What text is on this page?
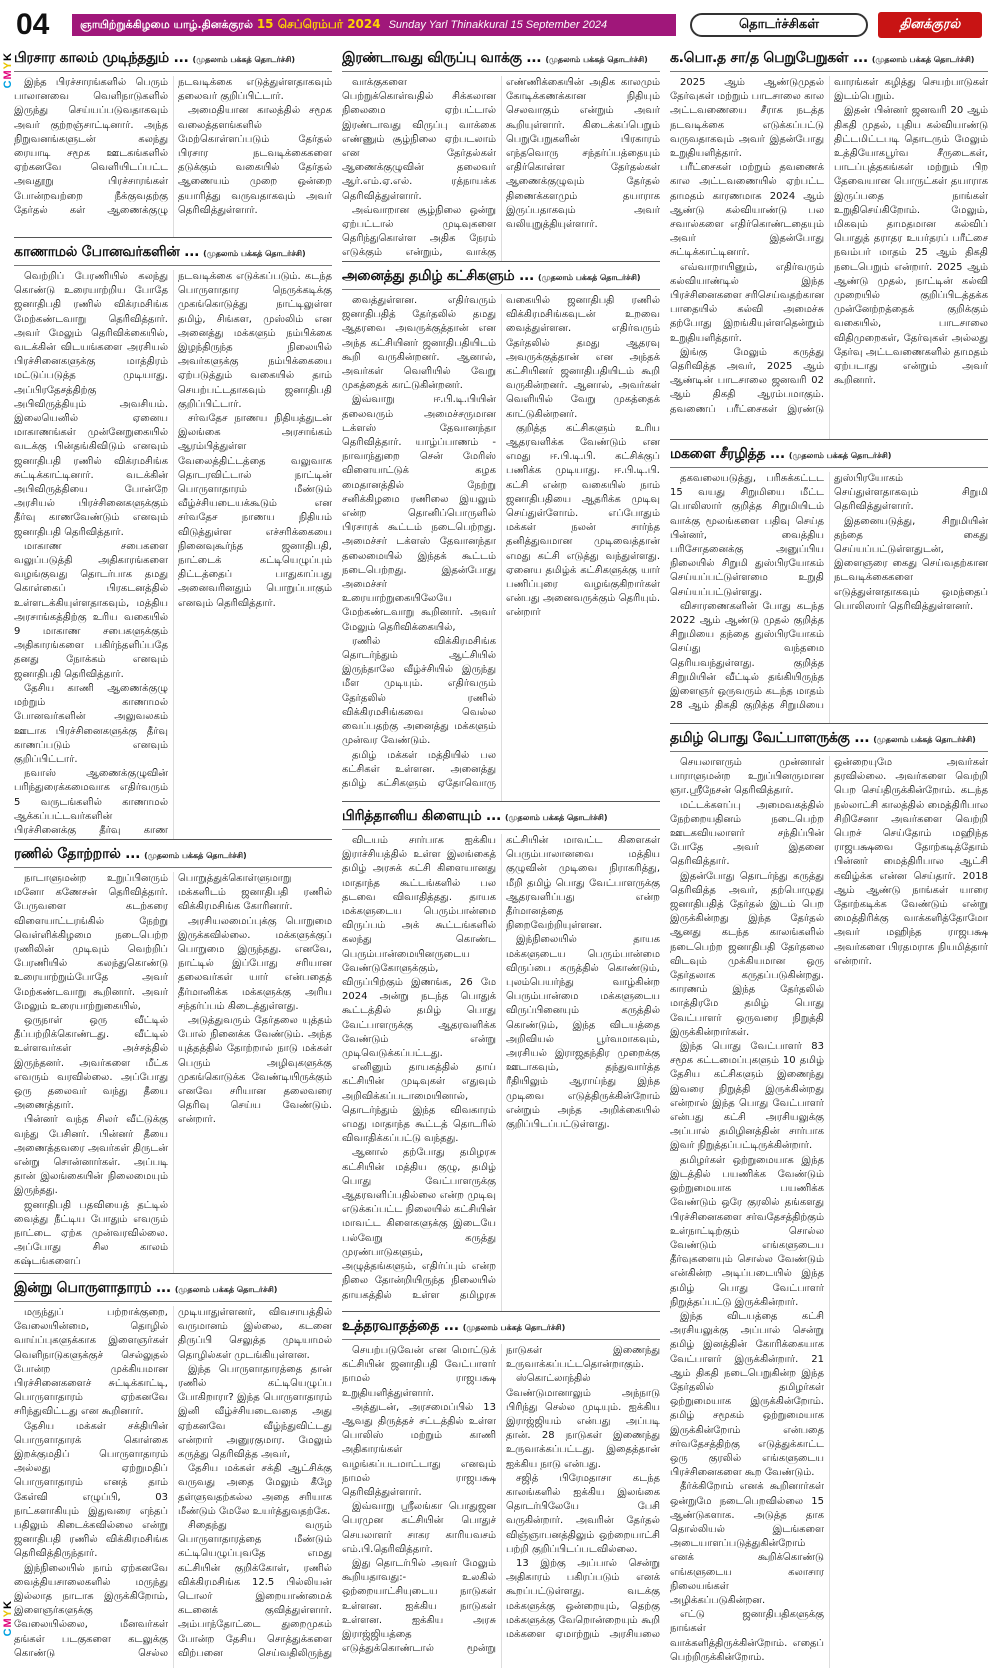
CMYK
CMYK
04	ஞாயிற்றுக்கிழமை யாழ்.தினக்குரல் 15 செப்ரெம்பர் 2024 Sunday Yarl Thinakkural 15 September 2024	தொடர்ச்சிகள்	தினக்குரல்
பிரசார காலம் முடிந்ததும் ... (முதலாம் பக்கத் தொடர்ச்சி)

இந்த பிரச்சாரங்களில் பெரும் பாலானவை வெளிநாடுகளில் இருந்து செய்யப்படுவதாகவும் அவர் குற்றஞ்சாட்டினார். அந்த நிறுவனங்களுடன் கலந்து ரையாடி சமூக ஊடகங்களில் ஏற்கனவே வெளியிடப்பட்ட அவதூறு பிரச்சாரங்கள் போன்றவற்றை நீக்குவதற்கு தேர்தல் கள் ஆணைக்குழு நடவடிக்கை எடுத்துள்ளதாகவும் தலைவர் குறிப்பிட்டார்.

அமைதியான காலத்தில் சமூக வலைத்தளங்களில் மேற்கொள்ளப்படும் தேர்தல் பிரசார நடவடிக்கைகளை தடுக்கும் வகையில் தேர்தல் ஆணையம் முறை ஒன்றை தயாரித்து வருவதாகவும் அவர் தெரிவித்துள்ளார்.

காணாமல் போனவர்களின் ... (முதலாம் பக்கத் தொடர்ச்சி)

வெற்றிப் பேரணியில் கலந்து கொண்டு உரையாற்றிய போதே ஜனாதிபதி ரணில் விக்ரமசிங்க மேற்கண்டவாறு தெரிவித்தார். அவர் மேலும் தெரிவிக்கையில், வடக்கின் விடயங்களை அரசியல் பிரச்சினைகளுக்கு மாத்திரம் மட்டுப்படுத்த முடியாது. அப்பிரதேசத்திற்கு அபிவிருத்தியும் அவசியம். இலையெனில் ஏனைய மாகாணங்கள் முன்னேறுகையில் வடக்கு பின்தங்கிவிடும் எனவும் ஜனாதிபதி ரணில் விக்ரமசிங்க சுட்டிக்காட்டினார். வடக்கின் அபிவிருத்தியை போன்றே அரசியல் பிரச்சினைகளுக்கும் தீர்வு காணவேண்டும் எனவும் ஜனாதிபதி தெரிவித்தார்.

மாகாண சபைகளை வலுப்படுத்தி அதிகாரங்களை வழங்குவது தொடர்பாக தமது கொள்கைப் பிரகடனத்தில் உள்ளடக்கியுள்ளதாகவும், மத்திய அரசாங்கத்திற்கு உரிய வகையில் 9 மாகாண சபைகளுக்கும் அதிகாரங்களை பகிர்ந்தளிப்பதே தனது நோக்கம் எனவும் ஜனாதிபதி தெரிவித்தார்.

தேசிய காணி ஆணைக்குழு மற்றும் காணாமல் போனவர்களின் அலுவலகம் ஊடாக பிரச்சினைகளுக்கு தீர்வு காணப்படும் எனவும் குறிப்பிட்டார்.

நவாஸ் ஆணைக்குழுவின் பரிந்துரைக்கமைவாக எதிர்வரும் 5 வருடங்களில் காணாமல் ஆக்கப்பட்டவர்களின் பிரச்சினைக்கு தீர்வு காண நடவடிக்கை எடுக்கப்படும். கடந்த பொருளாதார நெருக்கடிக்கு முகங்கொடுத்து நாட்டிலுள்ள தமிழ், சிங்கள, முஸ்லிம் என அனைத்து மக்களும் நம்பிக்கை இழந்திருந்த நிலையில் அவர்களுக்கு நம்பிக்கையை ஏற்படுத்தும் வகையில் தாம் செயற்பட்டதாகவும் ஜனாதிபதி குறிப்பிட்டார்.

சர்வதேச நாணய நிதியத்துடன் இலங்கை அரசாங்கம் ஆரம்பித்துள்ள வேலைத்திட்டத்தை வலுவாக தொடரவிட்டால் நாட்டின் பொருளாதாரம் மீண்டும் வீழ்ச்சியடையக்கூடும் என சர்வதேச நாணய நிதியம் விடுத்துள்ள எச்சரிக்கையை நினைவுகூர்ந்த ஜனாதிபதி, நாட்டைக் கட்டியெழுப்பும் திட்டத்தைப் பாதுகாப்பது அனைவரினதும் பொறுப்பாகும் எனவும் தெரிவித்தார்.

ரணில் தோற்றால் ... (முதலாம் பக்கத் தொடர்ச்சி)

நாடாளுமன்ற உறுப்பினரும் மனோ கணேசன் தெரிவித்தார். பேருவளை கடற்கரை விளையாட்டரங்கில் நேற்று வெள்ளிக்கிழமை நடைபெற்ற ரணிலின் முடிவும் வெற்றிப் பேரணியில் கலந்துகொண்டு உரையாற்றும்போதே அவர் மேற்கண்டவாறு கூறினார். அவர் மேலும் உரையாற்றுகையில்,

ஒருநாள் ஒரு வீட்டில் தீப்பற்றிக்கொண்டது. வீட்டில் உள்ளவர்கள் அச்சத்தில் இருந்தனர். அவர்களை மீட்க எவரும் வரவில்லை. அப்போது ஒரு தலைவர் வந்து தீயை அணைத்தார்.

பின்னர் வந்த சிலர் வீட்டுக்கு வந்து பேசினர். பின்னர் தீயை அணைத்தவரை அவர்கள் திருடன் என்று சொன்னார்கள். அப்படி தான் இலங்கையின் நிலைமையும் இருந்தது.

ஜனாதிபதி பதவியைத் தட்டில் வைத்து நீட்டிய போதும் எவரும் நாட்டை ஏற்க முன்வரவில்லை. அப்போது சில காலம் கஷ்டங்களைப் பொறுத்துக்கொள்ளுமாறு மக்களிடம் ஜனாதிபதி ரணில் விக்கிரமசிங்க கோரினார்.

அரசியலமைப்புக்கு பொறுமை இருக்கவில்லை. மக்களுக்குப் பொறுமை இருந்தது. எனவே, நாட்டில் இப்போது சரியான தலைவர்கள் யார் என்பதைத் தீர்மானிக்க மக்களுக்கு அரிய சந்தர்ப்பம் கிடைத்துள்ளது.

அடுத்துவரும் தேர்தலை யுத்தம் போல் நினைக்க வேண்டும். அந்த யுத்தத்தில் தோற்றால் நாடு மக்கள் பெரும் அழிவுகளுக்கு முகங்கொடுக்க வேண்டியிருக்கும் எனவே சரியான தலைவரை தெரிவு செய்ய வேண்டும். என்றார்.

இன்று பொருளாதாரம் ... (முதலாம் பக்கத் தொடர்ச்சி)

மருந்துப் பற்றாக்குறை, வேலையின்மை, தொழில் வாய்ப்புகளுக்காக இளைஞர்கள் வெளிநாடுகளுக்குச் செல்லுதல் போன்ற முக்கியமான பிரச்சினைகளைச் சுட்டிக்காட்டி, பொருளாதாரம் ஏற்கனவே சரிந்துவிட்டது என கூறினார்.

தேசிய மக்கள் சக்தியின் பொருளாதாரக் கொள்கை இறக்குமதிப் பொருளாதாரம் அல்லது ஏற்றுமதிப் பொருளாதாரம் எனத் தாம் கேள்வி எழுப்பி, 03 நாட்களாகியும் இதுவரை எந்தப் பதிலும் கிடைக்கவில்லை என்று ஜனாதிபதி ரணில் விக்கிரமசிங்க தெரிவித்திருந்தார்.

இந்நிலையில் நாம் ஏற்கனவே வைத்தியசாலைகளில் மருந்து இல்லாத நாடாக இருக்கிறோம், இளைஞர்களுக்கு வேலையில்லை, மீனவர்கள் தங்கள் படகுகளை கடலுக்கு கொண்டு செல்ல முடியாதுள்ளனர், விவசாயத்தில் வருமானம் இல்லை, கடனை திருப்பி செலுத்த முடியாமல் தொழில்கள் முடங்கியுள்ளன.

இந்த பொருளாதாரத்தை தான் ரணில் கட்டியெழுப்ப போகிறாரா? இந்த பொருளாதாரம் இனி வீழ்ச்சியடைவதை அது ஏற்கனவே வீழ்ந்துவிட்டது என்றார் அனுரகுமார. மேலும் கருத்து தெரிவித்த அவர்,

தேசிய மக்கள் சக்தி ஆட்சிக்கு வருவது அதை மேலும் கீழே தள்ளுவதற்கல்ல அதை சரியாக மீண்டும் மேலே உயர்த்துவதற்கே.

சிதைந்து வரும் பொருளாதாரத்தை மீண்டும் கட்டியெழுப்புவதே எமது கட்சியின் குறிக்கோள், ரணில் விக்கிரமசிங்க 12.5 பில்லியன் டொலர் இறையாண்மைக் கடனைக் குவித்துள்ளார். அம்பாந்தோட்டை துறைமுகம் போன்ற தேசிய சொத்துக்களை விற்பனை செய்வதிலிருந்து

இரண்டாவது விருப்பு வாக்கு ... (முதலாம் பக்கத் தொடர்ச்சி)

வாக்குகளை பெற்றுக்கொள்வதில் சிக்கலான நிலைமை ஏற்பட்டால் இரண்டாவது விருப்பு வாக்கை எண்ணும் சூழ்நிலை ஏற்படலாம் என தேர்தல்கள் ஆணைக்குழுவின் தலைவர் ஆர்.எம்.ஏ.எல். ரத்நாயக்க தெரிவித்துள்ளார்.

அவ்வாறான சூழ்நிலை ஒன்று ஏற்பட்டால் முடிவுகளை தெரிந்துகொள்ள அதிக நேரம் எடுக்கும் என்றும், வாக்கு எண்ணிக்கையின் அதிக காலமும் கோடிக்கணக்கான நிதியும் செலவாகும் என்றும் அவர் கூறியுள்ளார். கிடைக்கப்பெறும் பெறுபேறுகளின் பிரகாரம் எந்தவொரு சந்தர்ப்பத்தையும் எதிர்கொள்ள தேர்தல்கள் ஆணைக்குழுவும் தேர்தல் திணைக்களமும் தயாராக இருப்பதாகவும் அவர் வலியுறுத்தியுள்ளார்.

அனைத்து தமிழ் கட்சிகளும் ... (முதலாம் பக்கத் தொடர்ச்சி)

வைத்துள்ளன. எதிர்வரும் ஜனாதிபதித் தேர்தலில் தமது ஆதரவை அவருக்குத்தான் என அந்த கட்சியினர் ஜனாதிபதியிடம் கூறி வருகின்றனர். ஆனால், அவர்கள் வெளியில் வேறு முகத்தைக் காட்டுகின்றனர்.

இவ்வாறு ஈ.பி.டி.பியின் தலைவரும் அமைச்சருமான டக்ளஸ் தேவானந்தா தெரிவித்தார். யாழ்ப்பாணம் - நாவாந்துறை சென் மேரிஸ் விளையாட்டுக் கழக மைதானத்தில் நேற்று சனிக்கிழமை ரணிலை இயலும் என்ற தொனிப்பொருளில் பிரசாரக் கூட்டம் நடைபெற்றது. அமைச்சர் டக்ளஸ் தேவானந்தா தலைமையில் இந்தக் கூட்டம் நடைபெற்றது. இதன்போது அமைச்சர் உரையாற்றுகையிலேயே மேற்கண்டவாறு கூறினார். அவர் மேலும் தெரிவிக்கையில்,

ரணில் விக்கிரமசிங்க தொடர்ந்தும் ஆட்சியில் இருந்தாலே வீழ்ச்சியில் இருந்து மீள முடியும். எதிர்வரும் தேர்தலில் ரணில் விக்கிரமசிங்கவை வெல்ல வைப்பதற்கு அனைத்து மக்களும் முன்வர வேண்டும்.

தமிழ் மக்கள் மத்தியில் பல கட்சிகள் உள்ளன. அனைத்து தமிழ் கட்சிகளும் ஏதோவொரு வகையில் ஜனாதிபதி ரணில் விக்கிரமசிங்கவுடன் உறவை வைத்துள்ளன. எதிர்வரும் தேர்தலில் தமது ஆதரவு அவருக்குத்தான் என அந்தக் கட்சியினர் ஜனாதிபதியிடம் கூறி வருகின்றனர். ஆனால், அவர்கள் வெளியில் வேறு முகத்தைக் காட்டுகின்றனர்.

குறித்த கட்சிகளும் உரிய ஆதரவளிக்க வேண்டும் என எமது ஈ.பி.டி.பி. கட்சிக்குப் பணிக்க முடியாது. ஈ.பி.டி.பி. கட்சி என்ற வகையில் நாம் ஜனாதிபதியை ஆதரிக்க முடிவு செய்துள்ளோம். எப்போதும் மக்கள் நலன் சார்ந்த தனித்துவமான முடிவைத்தான் எமது கட்சி எடுத்து வந்துள்ளது. ஏனைய தமிழ்க் கட்சிகளுக்கு யார் பணிப்புரை வழங்குகிறார்கள் என்பது அனைவருக்கும் தெரியும். என்றார்

பிரித்தானிய கிளையும் ... (முதலாம் பக்கத் தொடர்ச்சி)

விடயம் சார்பாக ஐக்கிய இராச்சியத்தில் உள்ள இலங்கைத் தமிழ் அரசுக் கட்சி கிளையானது மாதாந்த கூட்டங்களில் பல தடவை விவாதித்தது. தாயக மக்களுடைய பெரும்பான்மை விருப்பம் அக் கூட்டங்களில் கலந்து கொண்ட பெரும்பான்மையினருடைய வேண்டுகோளுக்கும், விருப்பிற்கும் இணங்க, 26 மே 2024 அன்று நடந்த பொதுக் கூட்டத்தில் தமிழ் பொது வேட்பாளருக்கு ஆதரவளிக்க வேண்டும் என்று முடிவெடுக்கப்பட்டது.

எனினும் தாயகத்தில் தாய் கட்சியின் முடிவுகள் எதுவும் அறிவிக்கப்படாமையினால், தொடர்ந்தும் இந்த விவகாரம் எமது மாதாந்த கூட்டத் தொடரில் விவாதிக்கப்பட்டு வந்தது.

ஆனால் தற்போது தமிழரசு கட்சியின் மத்திய குழு, தமிழ் பொது வேட்பாளருக்கு ஆதரவளிப்பதில்லை என்ற முடிவு எடுக்கப்பட்ட நிலையில் கட்சியின் மாவட்ட கிளைகளுக்கு இடையே பல்வேறு கருத்து முரண்பாடுகளும், அழுத்தங்களும், எதிர்ப்பும் என்ற நிலை தோன்றியிருந்த நிலையில் தாயகத்தில் உள்ள தமிழரசு கட்சியின் மாவட்ட கிளைகள் பெரும்பாலானவை மத்திய குழுவின் முடிவை நிராகரித்து, மீறி தமிழ் பொது வேட்பாளருக்கு ஆதரவளிப்பது என்ற தீர்மானத்தை நிறைவேற்றியுள்ளன.

இந்நிலையில் தாயக மக்களுடைய பெரும்பான்மை விருப்பை கருத்தில் கொண்டும், புலம்பெயர்ந்து வாழ்கின்ற பெரும்பான்மை மக்களுடைய விருப்பினையும் கருத்தில் கொண்டும், இந்த விடயத்தை அறிவியல் பூர்வமாகவும், அரசியல் இராஜதந்திர முறைக்கு ஊடாகவும், தந்துவார்த்த ரீதியிலும் ஆராய்ந்து இந்த முடிவை எடுத்திருக்கின்றோம் என்றும் அந்த அறிக்கையில் குறிப்பிடப்பட்டுள்ளது.

உத்தரவாதத்தை ... (முதலாம் பக்கத் தொடர்ச்சி)

செயற்படுவேன் என மொட்டுக் கட்சியின் ஜனாதிபதி வேட்பாளர் நாமல் ராஜபக்ஷ உறுதியளித்துள்ளார்.

அத்துடன், அரசமைப்பில் 13 ஆவது திருத்தச் சட்டத்தில் உள்ள பொலிஸ் மற்றும் காணி அதிகாரங்கள் வழங்கப்படமாட்டாது எனவும் நாமல் ராஜபக்ஷ தெரிவித்துள்ளார்.

இவ்வாறு ஸ்ரீலங்கா பொதுஜன பெரமுன கட்சியின் பொதுச் செயலாளர் சாகர காரியவசம் எம்.பி.தெரிவித்தார்.

இது தொடர்பில் அவர் மேலும் கூறியதாவது:- உலகில் ஒற்றையாட்சியுடைய நாடுகள் உள்ளன. ஐக்கிய நாடுகள் உள்ளன. ஐக்கிய அரசு இராஜ்ஜியத்தை எடுத்துக்கொண்டால் மூன்று நாடுகள் இணைந்து உருவாக்கப்பட்டதொன்றாகும்.

ஸ்கொட்லாந்தில் வேண்டுமானாலும் அந்நாடு பிரிந்து செல்ல முடியும். ஐக்கிய இராஜ்ஜியம் என்பது அப்படி தான். 28 நாடுகள் இணைந்து உருவாக்கப்பட்டது. இதைத்தான் ஐக்கிய நாடு என்பது.

சஜித் பிரேமதாசா கடந்த காலங்களில் ஐக்கிய இலங்கை தொடர்பிலேயே பேசி வருகின்றார். அவரின் தேர்தல் விஞ்ஞாபனத்திலும் ஒற்றையாட்சி பற்றி குறிப்பிடப்படவில்லை.

13 இற்கு அப்பால் சென்று அதிகாரம் பகிரப்படும் எனக் கூறப்பட்டுள்ளது. வடக்கு மக்களுக்கு ஒன்றையும், தெற்கு மக்களுக்கு வேறொன்றையும் கூறி மக்களை ஏமாற்றும் அரசியலை

க.பொ.த சா/த பெறுபேறுகள் ... (முதலாம் பக்கத் தொடர்ச்சி)

2025 ஆம் ஆண்டுமுதல் தேர்வுகள் மற்றும் பாடசாலை கால அட்டவணையை சீராக நடத்த நடவடிக்கை எடுக்கப்பட்டு வருவதாகவும் அவர் இதன்போது உறுதியளித்தார்.

பரீட்சைகள் மற்றும் தவணைக் கால அட்டவணையில் ஏற்பட்ட தாமதம் காரணமாக 2024 ஆம் ஆண்டு கல்வியாண்டு பல சவால்களை எதிர்கொண்டதையும் அவர் இதன்போது சுட்டிக்காட்டினார்.

எவ்வாறாயினும், எதிர்வரும் கல்வியாண்டில் இந்த பிரச்சினைகளை சரிசெய்வதற்கான பாதையில் கல்வி அமைச்சு தற்போது இறங்கியுள்ளதென்றும் உறுதியளித்தார்.

இங்கு மேலும் கருத்து தெரிவித்த அவர், 2025 ஆம் ஆண்டின் பாடசாலை ஜனவரி 02 ஆம் திகதி ஆரம்பமாகும். தவணைப் பரீட்சைகள் இரண்டு வாரங்கள் கழித்து செயற்பாடுகள் இடம்பெறும்.

இதன் பின்னர் ஜனவரி 20 ஆம் திகதி முதல், புதிய கல்வியாண்டு திட்டமிட்டபடி தொடரும் மேலும் உத்தியோகபூர்வ சீருடைகள், பாடப்புத்தகங்கள் மற்றும் பிற தேவையான பொருட்கள் தயாராக இருப்பதை நாங்கள் உறுதிசெய்கிறோம். மேலும், மிகவும் தாமதமான கல்விப் பொதுத் தராதர உயர்தரப் பரீட்சை நவம்பர் மாதம் 25 ஆம் திகதி நடைபெறும் என்றார். 2025 ஆம் ஆண்டு முதல், நாட்டின் கல்வி முறையில் குறிப்பிடத்தக்க முன்னேற்றத்தைக் குறிக்கும் வகையில், பாடசாலை விதிமுறைகள், தேர்வுகள் அல்லது தேர்வு அட்டவணைகளில் தாமதம் ஏற்படாது என்றும் அவர் கூறினார்.

மகளை சீரழித்த ... (முதலாம் பக்கத் தொடர்ச்சி)

தகவலையடுத்து, பரிசுக்கட்டட 15 வயது சிறுமியை மீட்ட பொலிஸார் குறித்த சிறுமியிடம் வாக்கு மூலங்களை பதிவு செய்த பின்னர், வைத்திய பரிசோதனைக்கு அனுப்பிய நிலையில் சிறுமி துஸ்பிரயோகம் செய்யப்பட்டுள்ளமை உறுதி செய்யப்பட்டுள்ளது.

விசாரணைகளின் போது கடந்த 2022 ஆம் ஆண்டு முதல் குறித்த சிறுமியை தந்தை துஸ்பிரயோகம் செய்து வந்தமை தெரியவந்துள்ளது. குறித்த சிறுமியின் வீட்டில் தங்கியிருந்த இளைஞர் ஒருவரும் கடந்த மாதம் 28 ஆம் திகதி குறித்த சிறுமியை துஸ்பிரயோகம் செய்துள்ளதாகவும் சிறுமி தெரிவித்துள்ளார்.

இதனையடுத்து, சிறுமியின் தந்தை கைது செய்யப்பட்டுள்ளதுடன், இளைஞரை கைது செய்வதற்கான நடவடிக்கைகளை எடுத்துள்ளதாகவும் ஒமந்தைப் பொலிஸார் தெரிவித்துள்ளனர்.

தமிழ் பொது வேட்பாளருக்கு ... (முதலாம் பக்கத் தொடர்ச்சி)

செயலாளரும் முன்னாள் பாராளுமன்ற உறுப்பினருமான ஞா.ஸ்ரீநேசன் தெரிவித்தார்.

மட்டக்களப்பு அமைவகத்தில் நேற்றையதினம் நடைபெற்ற ஊடகவியலாளர் சந்திப்பின் போதே அவர் இதனை தெரிவித்தார்.

இதன்போது தொடர்ந்து கருத்து தெரிவித்த அவர், தற்பொழுது ஜனாதிபதித் தேர்தல் இடம் பெற இருக்கின்றது இந்த தேர்தல் ஆனது கடந்த காலங்களில் நடைபெற்ற ஜனாதிபதி தேர்தலை விடவும் முக்கியமான ஒரு தேர்தலாக கருதப்படுகின்றது. காரணம் இந்த தேர்தலில் மாத்திரமே தமிழ் பொது வேட்பாளர் ஒருவரை நிறுத்தி இருக்கின்றார்கள்.

இந்த பொது வேட்பாளர் 83 சமூக கட்டமைப்புகளும் 10 தமிழ் தேசிய கட்சிகளும் இணைந்து இவரை நிறுத்தி இருக்கின்றது என்றால் இந்த பொது வேட்பாளர் என்பது கட்சி அரசியலுக்கு அப்பால் தமிழினத்தின் சார்பாக இவர் நிறுத்தப்பட்டிருக்கின்றார்.

தமிழர்கள் ஒற்றுமையாக இந்த இடத்தில் பயணிக்க வேண்டும் ஒற்றுமையாக பயணிக்க வேண்டும் ஒரே குரலில் தங்களது பிரச்சினைகளை சர்வதேசத்திற்கும் உள்நாட்டிற்கும் சொல்ல வேண்டும் எங்களுடைய தீர்வுகளையும் சொல்ல வேண்டும் என்கின்ற அடிப்படையில் இந்த தமிழ் பொது வேட்பாளர் நிறுத்தப்பட்டு இருக்கின்றார்.

இந்த விடயத்தை கட்சி அரசியலுக்கு அப்பால் சென்று தமிழ் இனத்தின் கோரிக்கையாக வேட்பாளர் இருக்கின்றார். 21 ஆம் திகதி நடைபெறுகின்ற இந்த தேர்தலில் தமிழர்கள் ஒற்றுமையாக இருக்கின்றோம். தமிழ் சமூகம் ஒற்றுமையாக இருக்கின்றோம் என்பதை சர்வதேசத்திற்கு எடுத்துக்காட்ட ஒரு குரலில் எங்களுடைய பிரச்சினைகளை கூற வேண்டும்.

தீர்க்கிறோம் எனக் கூறினார்கள் ஒன்றுமே நடைபெறவில்லை 15 ஆண்டுகளாக. அடுத்த தாக தொல்லியல் இடங்களை அடையாளப்படுத்துகின்றோம் எனக் கூறிக்கொண்டு எங்களுடைய கலாசார நிலையங்கள் அழிக்கப்படுகின்றன.

எட்டு ஜனாதிபதிகளுக்கு நாங்கள் வாக்களித்திருக்கின்றோம். எதைப் பெற்றிருக்கின்றோம். ஒன்றையுமே அவர்கள் தரவில்லை. அவர்களை வெற்றி பெற செய்திருக்கின்றோம். கடந்த நல்லாட்சி காலத்தில் மைத்திரிபால சிறிசேனா அவர்களை வெற்றி பெறச் செய்தோம் மஹிந்த ராஜபக்ஷவை தோற்கடித்தோம் பின்னர் மைத்திரிபால ஆட்சி கவிழ்க்க என்ன செய்தார். 2018 ஆம் ஆண்டு நாங்கள் யாரை தோற்கடிக்க வேண்டும் என்று மைத்திரிக்கு வாக்களித்தோமோ அவர் மஹிந்த ராஜபக்ஷ அவர்களை பிரதமராக நியமித்தார் என்றார்.
